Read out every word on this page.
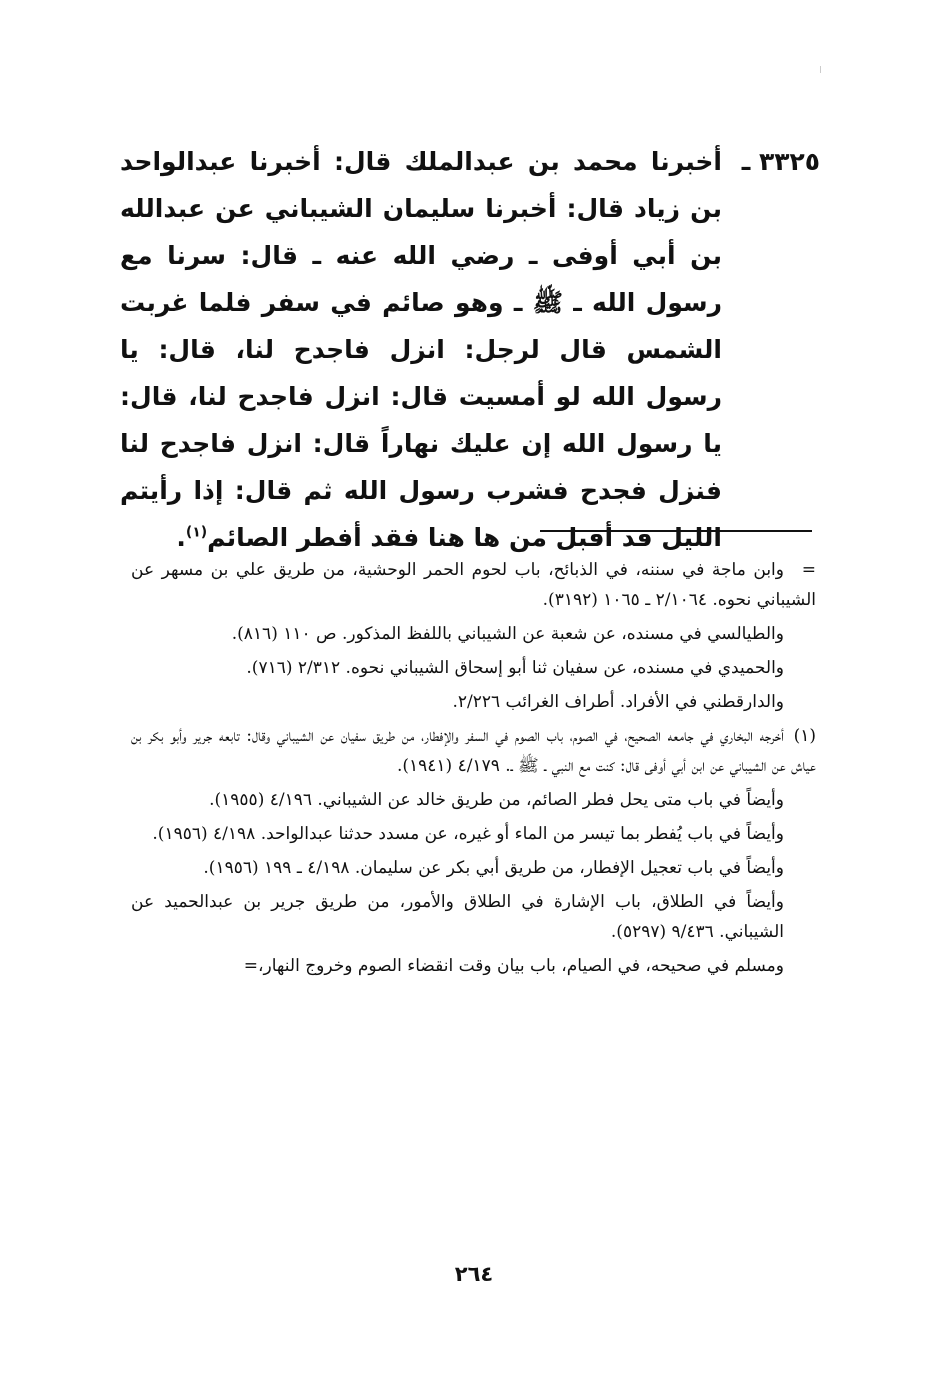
٣٣٢٥ ـأخبرنا محمد بن عبدالملك قال: أخبرنا عبدالواحد بن زياد قال: أخبرنا سليمان الشيباني عن عبدالله بن أبي أوفى ـ رضي الله عنه ـ قال: سرنا مع رسول الله ـ ﷺ ـ وهو صائم في سفر فلما غربت الشمس قال لرجل: انزل فاجدح لنا، قال: يا رسول الله لو أمسيت قال: انزل فاجدح لنا، قال: يا رسول الله إن عليك نهاراً قال: انزل فاجدح لنا فنزل فجدح فشرب رسول الله ثم قال: إذا رأيتم الليل قد أقبل من ها هنا فقد أفطر الصائم$^{(١)}$.

=وابن ماجة في سننه، في الذبائح، باب لحوم الحمر الوحشية، من طريق علي بن مسهر عن الشيباني نحوه. ٢/١٠٦٤ ـ ١٠٦٥ (٣١٩٢).

والطيالسي في مسنده، عن شعبة عن الشيباني باللفظ المذكور. ص ١١٠ (٨١٦).

والحميدي في مسنده، عن سفيان ثنا أبو إسحاق الشيباني نحوه. ٢/٣١٢ (٧١٦).

والدارقطني في الأفراد. أطراف الغرائب ٢/٢٢٦.

(١)أخرجه البخاري في جامعه الصحيح، في الصوم، باب الصوم في السفر والإفطار، من طريق سفيان عن الشيباني وقال: تابعه جرير وأبو بكر بن عياش عن الشيباني عن ابن أبي أوفى قال: كنت مع النبي ـ ﷺ ـ. ٤/١٧٩ (١٩٤١).

وأيضاً في باب متى يحل فطر الصائم، من طريق خالد عن الشيباني. ٤/١٩٦ (١٩٥٥).

وأيضاً في باب يُفطر بما تيسر من الماء أو غيره، عن مسدد حدثنا عبدالواحد. ٤/١٩٨ (١٩٥٦).

وأيضاً في باب تعجيل الإفطار، من طريق أبي بكر عن سليمان. ٤/١٩٨ ـ ١٩٩ (١٩٥٦).

وأيضاً في الطلاق، باب الإشارة في الطلاق والأمور، من طريق جرير بن عبدالحميد عن الشيباني. ٩/٤٣٦ (٥٢٩٧).

ومسلم في صحيحه، في الصيام، باب بيان وقت انقضاء الصوم وخروج النهار،=

٢٦٤
